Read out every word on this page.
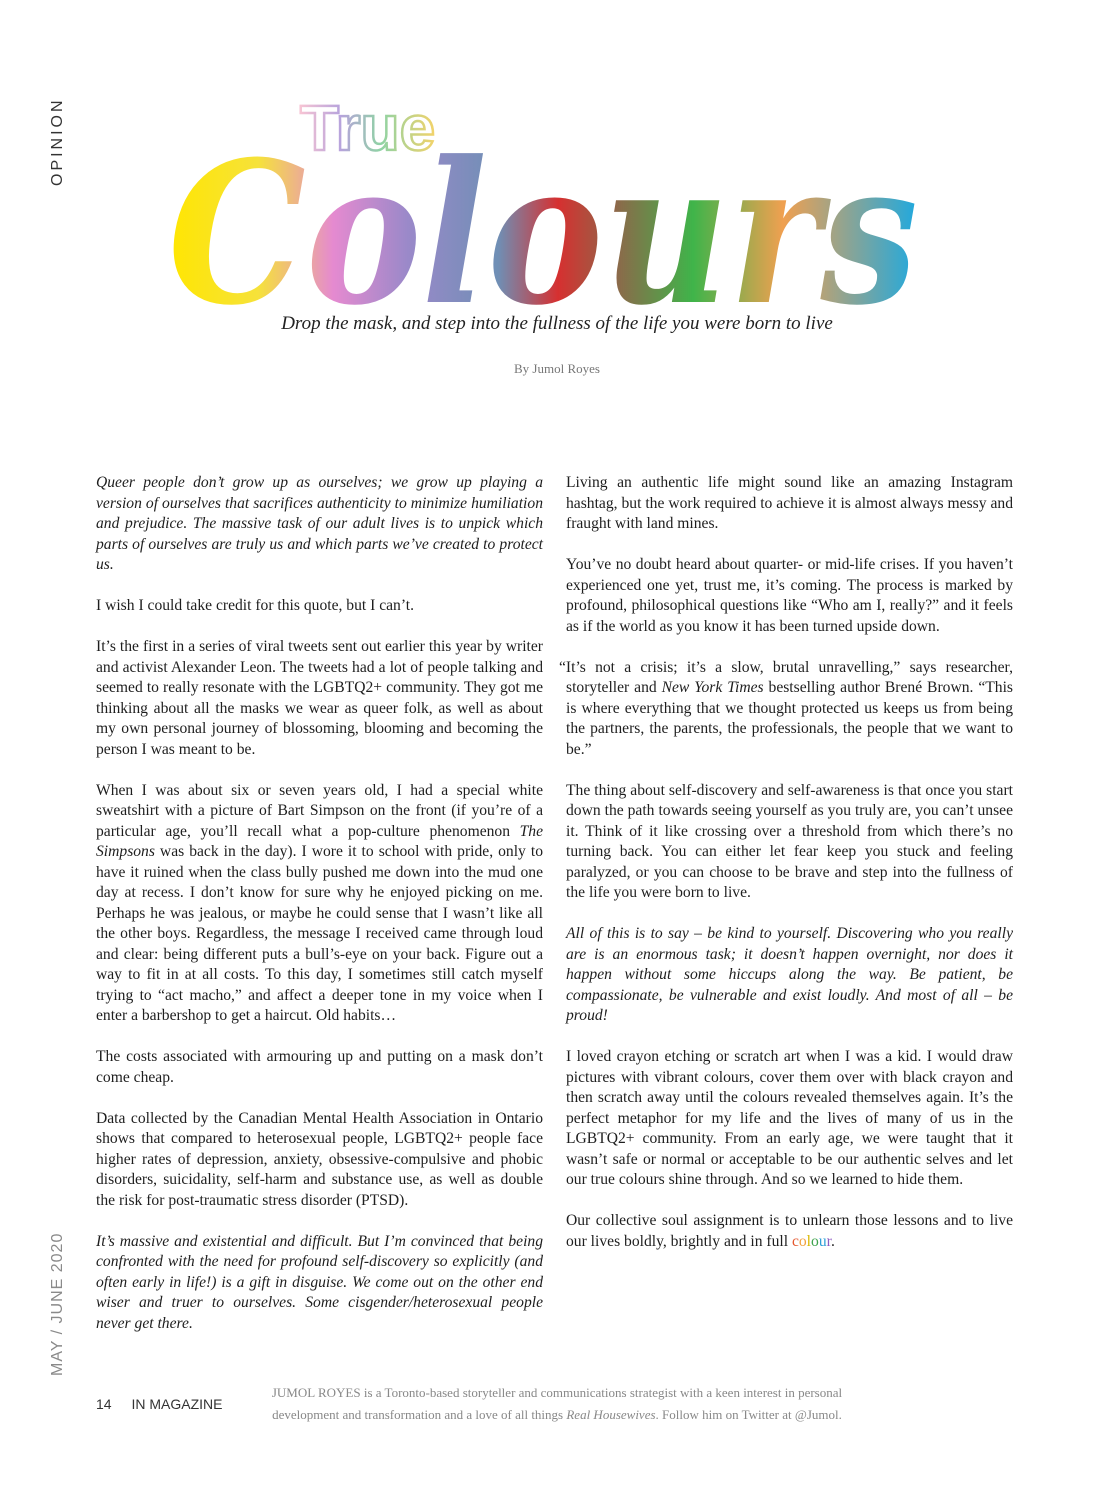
OPINION
MAY / JUNE 2020
True
Colours
Drop the mask, and step into the fullness of the life you were born to live
By Jumol Royes

Queer people don’t grow up as ourselves; we grow up playing a version of ourselves that sacrifices authenticity to minimize humiliation and prejudice. The massive task of our adult lives is to unpick which parts of ourselves are truly us and which parts we’ve created to protect us.

I wish I could take credit for this quote, but I can’t.

It’s the first in a series of viral tweets sent out earlier this year by writer and activist Alexander Leon. The tweets had a lot of people talking and seemed to really resonate with the LGBTQ2+ community. They got me thinking about all the masks we wear as queer folk, as well as about my own personal journey of blossoming, blooming and becoming the person I was meant to be.

When I was about six or seven years old, I had a special white sweatshirt with a picture of Bart Simpson on the front (if you’re of a particular age, you’ll recall what a pop-culture phenomenon The Simpsons was back in the day). I wore it to school with pride, only to have it ruined when the class bully pushed me down into the mud one day at recess. I don’t know for sure why he enjoyed picking on me. Perhaps he was jealous, or maybe he could sense that I wasn’t like all the other boys. Regardless, the message I received came through loud and clear: being different puts a bull’s-eye on your back. Figure out a way to fit in at all costs. To this day, I sometimes still catch myself trying to “act macho,” and affect a deeper tone in my voice when I enter a barbershop to get a haircut. Old habits…

The costs associated with armouring up and putting on a mask don’t come cheap.

Data collected by the Canadian Mental Health Association in Ontario shows that compared to heterosexual people, LGBTQ2+ people face higher rates of depression, anxiety, obsessive-compulsive and phobic disorders, suicidality, self-harm and substance use, as well as double the risk for post-traumatic stress disorder (PTSD).

It’s massive and existential and difficult. But I’m convinced that being confronted with the need for profound self-discovery so explicitly (and often early in life!) is a gift in disguise. We come out on the other end wiser and truer to ourselves. Some cisgender/heterosexual people never get there.

Living an authentic life might sound like an amazing Instagram hashtag, but the work required to achieve it is almost always messy and fraught with land mines.

You’ve no doubt heard about quarter- or mid-life crises. If you haven’t experienced one yet, trust me, it’s coming. The process is marked by profound, philosophical questions like “Who am I, really?” and it feels as if the world as you know it has been turned upside down.

“It’s not a crisis; it’s a slow, brutal unravelling,” says researcher, storyteller and New York Times bestselling author Brené Brown. “This is where everything that we thought protected us keeps us from being the partners, the parents, the professionals, the people that we want to be.”

The thing about self-discovery and self-awareness is that once you start down the path towards seeing yourself as you truly are, you can’t unsee it. Think of it like crossing over a threshold from which there’s no turning back. You can either let fear keep you stuck and feeling paralyzed, or you can choose to be brave and step into the fullness of the life you were born to live.

All of this is to say – be kind to yourself. Discovering who you really are is an enormous task; it doesn’t happen overnight, nor does it happen without some hiccups along the way. Be patient, be compassionate, be vulnerable and exist loudly. And most of all – be proud!

I loved crayon etching or scratch art when I was a kid. I would draw pictures with vibrant colours, cover them over with black crayon and then scratch away until the colours revealed themselves again. It’s the perfect metaphor for my life and the lives of many of us in the LGBTQ2+ community. From an early age, we were taught that it wasn’t safe or normal or acceptable to be our authentic selves and let our true colours shine through. And so we learned to hide them.

Our collective soul assignment is to unlearn those lessons and to live our lives boldly, brightly and in full colour.

JUMOL ROYES is a Toronto-based storyteller and communications strategist with a keen interest in personal
development and transformation and a love of all things Real Housewives. Follow him on Twitter at @Jumol.
14 IN MAGAZINE
